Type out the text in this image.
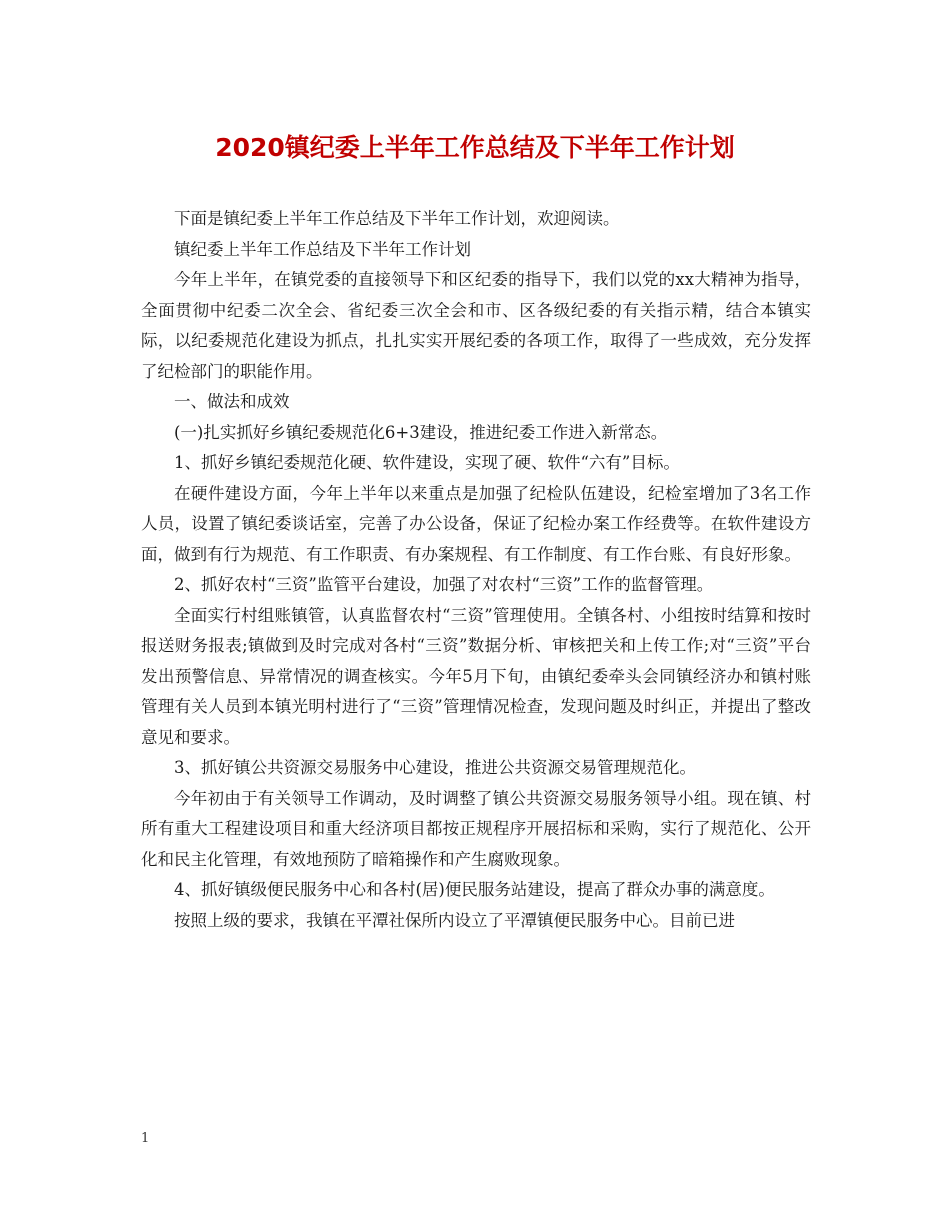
2020镇纪委上半年工作总结及下半年工作计划

下面是镇纪委上半年工作总结及下半年工作计划，欢迎阅读。

镇纪委上半年工作总结及下半年工作计划

今年上半年，在镇党委的直接领导下和区纪委的指导下，我们以党的xx大精神为指导，全面贯彻中纪委二次全会、省纪委三次全会和市、区各级纪委的有关指示精，结合本镇实际，以纪委规范化建设为抓点，扎扎实实开展纪委的各项工作，取得了一些成效，充分发挥了纪检部门的职能作用。

一、做法和成效

(一)扎实抓好乡镇纪委规范化6+3建设，推进纪委工作进入新常态。

1、抓好乡镇纪委规范化硬、软件建设，实现了硬、软件“六有”目标。

在硬件建设方面，今年上半年以来重点是加强了纪检队伍建设，纪检室增加了3名工作人员，设置了镇纪委谈话室，完善了办公设备，保证了纪检办案工作经费等。在软件建设方面，做到有行为规范、有工作职责、有办案规程、有工作制度、有工作台账、有良好形象。

2、抓好农村“三资”监管平台建设，加强了对农村“三资”工作的监督管理。

全面实行村组账镇管，认真监督农村“三资”管理使用。全镇各村、小组按时结算和按时报送财务报表;镇做到及时完成对各村“三资”数据分析、审核把关和上传工作;对“三资”平台发出预警信息、异常情况的调查核实。今年5月下旬，由镇纪委牵头会同镇经济办和镇村账管理有关人员到本镇光明村进行了“三资”管理情况检查，发现问题及时纠正，并提出了整改意见和要求。

3、抓好镇公共资源交易服务中心建设，推进公共资源交易管理规范化。

今年初由于有关领导工作调动，及时调整了镇公共资源交易服务领导小组。现在镇、村所有重大工程建设项目和重大经济项目都按正规程序开展招标和采购，实行了规范化、公开化和民主化管理，有效地预防了暗箱操作和产生腐败现象。

4、抓好镇级便民服务中心和各村(居)便民服务站建设，提高了群众办事的满意度。

按照上级的要求，我镇在平潭社保所内设立了平潭镇便民服务中心。目前已进

1
